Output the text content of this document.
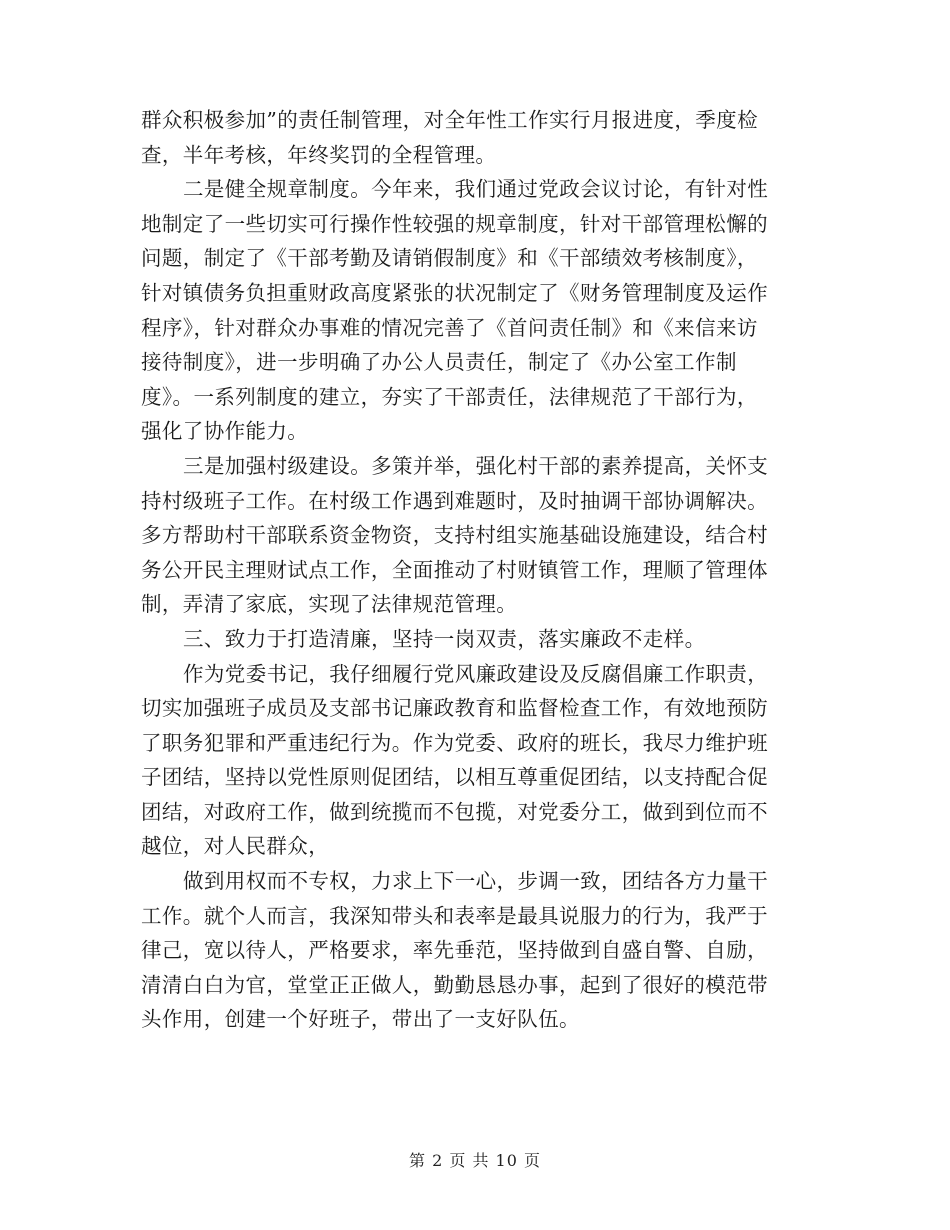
群众积极参加”的责任制管理，对全年性工作实行月报进度，季度检
查，半年考核，年终奖罚的全程管理。
二是健全规章制度。今年来，我们通过党政会议讨论，有针对性
地制定了一些切实可行操作性较强的规章制度，针对干部管理松懈的
问题，制定了《干部考勤及请销假制度》和《干部绩效考核制度》，
针对镇债务负担重财政高度紧张的状况制定了《财务管理制度及运作
程序》，针对群众办事难的情况完善了《首问责任制》和《来信来访
接待制度》，进一步明确了办公人员责任，制定了《办公室工作制
度》。一系列制度的建立，夯实了干部责任，法律规范了干部行为，
强化了协作能力。
三是加强村级建设。多策并举，强化村干部的素养提高，关怀支
持村级班子工作。在村级工作遇到难题时，及时抽调干部协调解决。
多方帮助村干部联系资金物资，支持村组实施基础设施建设，结合村
务公开民主理财试点工作，全面推动了村财镇管工作，理顺了管理体
制，弄清了家底，实现了法律规范管理。
三、致力于打造清廉，坚持一岗双责，落实廉政不走样。
作为党委书记，我仔细履行党风廉政建设及反腐倡廉工作职责，
切实加强班子成员及支部书记廉政教育和监督检查工作，有效地预防
了职务犯罪和严重违纪行为。作为党委、政府的班长，我尽力维护班
子团结，坚持以党性原则促团结，以相互尊重促团结，以支持配合促
团结，对政府工作，做到统揽而不包揽，对党委分工，做到到位而不
越位，对人民群众，
做到用权而不专权，力求上下一心，步调一致，团结各方力量干
工作。就个人而言，我深知带头和表率是最具说服力的行为，我严于
律己，宽以待人，严格要求，率先垂范，坚持做到自盛自警、自励，
清清白白为官，堂堂正正做人，勤勤恳恳办事，起到了很好的模范带
头作用，创建一个好班子，带出了一支好队伍。
第 2 页 共 10 页
